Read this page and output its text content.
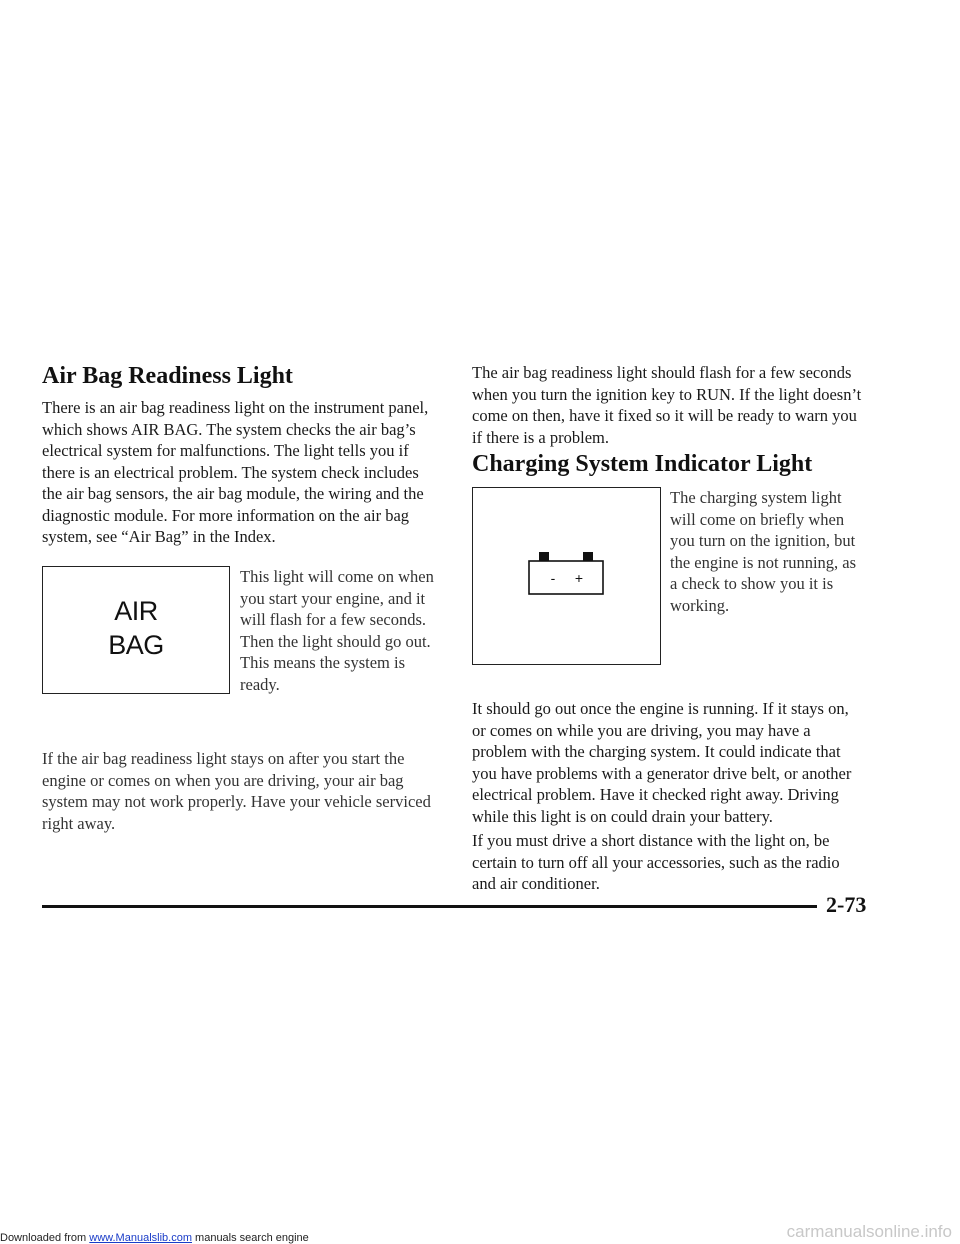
Air Bag Readiness Light

There is an air bag readiness light on the instrument panel, which shows AIR BAG. The system checks the air bag’s electrical system for malfunctions. The light tells you if there is an electrical problem. The system check includes the air bag sensors, the air bag module, the wiring and the diagnostic module. For more information on the air bag system, see “Air Bag” in the Index.

AIR
BAG

This light will come on when you start your engine, and it will flash for a few seconds. Then the light should go out. This means the system is ready.

If the air bag readiness light stays on after you start the engine or comes on when you are driving, your air bag system may not work properly. Have your vehicle serviced right away.

The air bag readiness light should flash for a few seconds when you turn the ignition key to RUN. If the light doesn’t come on then, have it fixed so it will be ready to warn you if there is a problem.

Charging System Indicator Light
- +

The charging system light will come on briefly when you turn on the ignition, but the engine is not running, as a check to show you it is working.

It should go out once the engine is running. If it stays on, or comes on while you are driving, you may have a problem with the charging system. It could indicate that you have problems with a generator drive belt, or another electrical problem. Have it checked right away. Driving while this light is on could drain your battery.

If you must drive a short distance with the light on, be certain to turn off all your accessories, such as the radio and air conditioner.

2-73
Downloaded from www.Manualslib.com manuals search engine	carmanualsonline.info
